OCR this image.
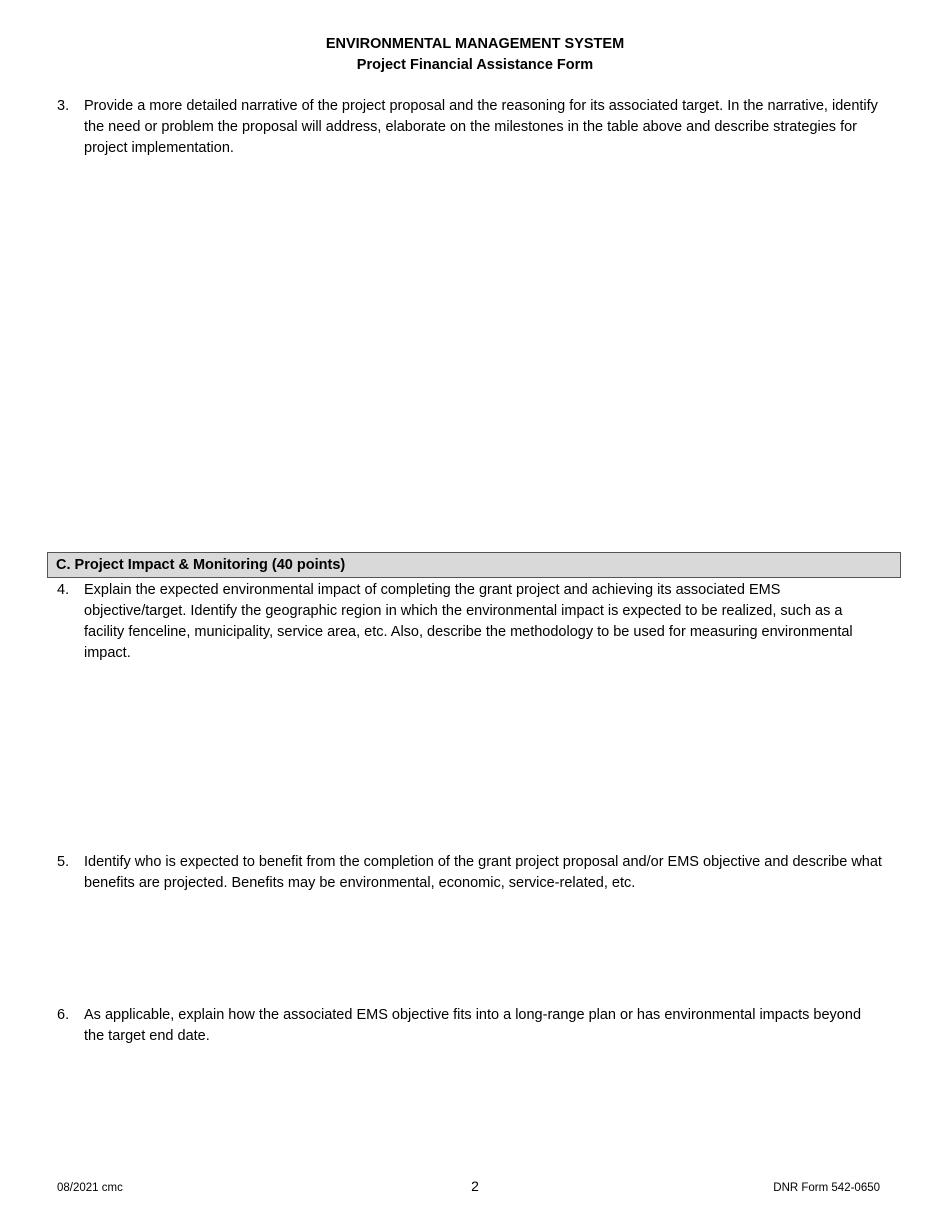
ENVIRONMENTAL MANAGEMENT SYSTEM
Project Financial Assistance Form
3. Provide a more detailed narrative of the project proposal and the reasoning for its associated target. In the narrative, identify the need or problem the proposal will address, elaborate on the milestones in the table above and describe strategies for project implementation.
C. Project Impact & Monitoring (40 points)
4. Explain the expected environmental impact of completing the grant project and achieving its associated EMS objective/target. Identify the geographic region in which the environmental impact is expected to be realized, such as a facility fenceline, municipality, service area, etc. Also, describe the methodology to be used for measuring environmental impact.
5. Identify who is expected to benefit from the completion of the grant project proposal and/or EMS objective and describe what benefits are projected. Benefits may be environmental, economic, service-related, etc.
6. As applicable, explain how the associated EMS objective fits into a long-range plan or has environmental impacts beyond the target end date.
08/2021 cmc	2	DNR Form 542-0650
